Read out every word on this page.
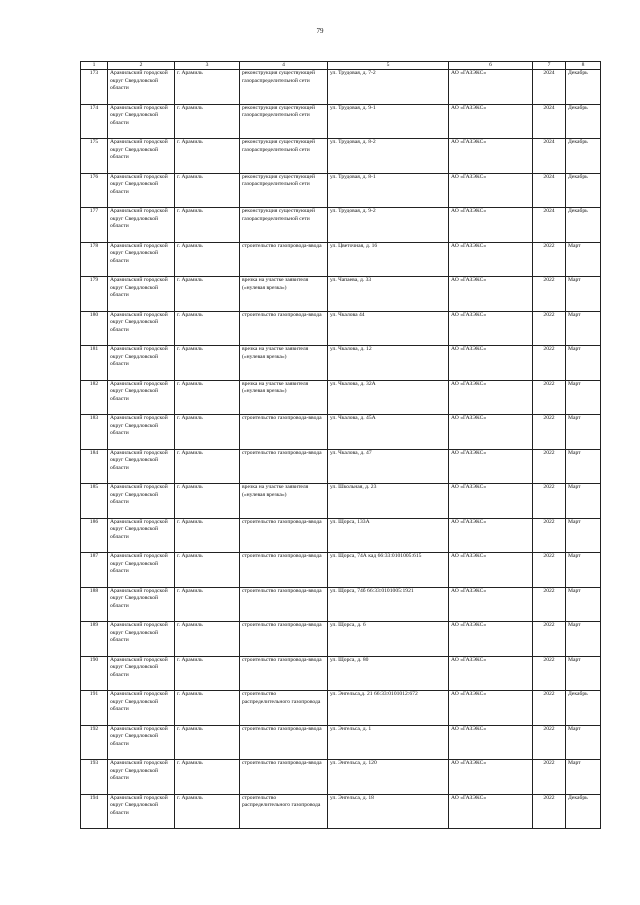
79
1	2	3	4	5	6	7	8
173	Арамильский городской округ Свердловской области	г. Арамиль	реконструкция существующей газораспределительной сети	ул. Трудовая, д. 7-2	АО «ГАЗЭКС»	2024	Декабрь
174	Арамильский городской округ Свердловской области	г. Арамиль	реконструкция существующей газораспределительной сети	ул. Трудовая, д. 9-1	АО «ГАЗЭКС»	2024	Декабрь
175	Арамильский городской округ Свердловской области	г. Арамиль	реконструкция существующей газораспределительной сети	ул. Трудовая, д. 8-2	АО «ГАЗЭКС»	2024	Декабрь
176	Арамильский городской округ Свердловской области	г. Арамиль	реконструкция существующей газораспределительной сети	ул. Трудовая, д. 8-1	АО «ГАЗЭКС»	2024	Декабрь
177	Арамильский городской округ Свердловской области	г. Арамиль	реконструкция существующей газораспределительной сети	ул. Трудовая, д. 9-2	АО «ГАЗЭКС»	2024	Декабрь
178	Арамильский городской округ Свердловской области	г. Арамиль	строительство газопровода-ввода	ул. Цветочная, д. 16	АО «ГАЗЭКС»	2022	Март
179	Арамильский городской округ Свердловской области	г. Арамиль	врезка на участке заявителя («нулевая врезка»)	ул. Чапаева, д. 33	АО «ГАЗЭКС»	2022	Март
180	Арамильский городской округ Свердловской области	г. Арамиль	строительство газопровода-ввода	ул. Чкалова 44	АО «ГАЗЭКС»	2022	Март
181	Арамильский городской округ Свердловской области	г. Арамиль	врезка на участке заявителя («нулевая врезка»)	ул. Чкалова, д. 12	АО «ГАЗЭКС»	2022	Март
182	Арамильский городской округ Свердловской области	г. Арамиль	врезка на участке заявителя («нулевая врезка»)	ул. Чкалова, д. 32А	АО «ГАЗЭКС»	2022	Март
183	Арамильский городской округ Свердловской области	г. Арамиль	строительство газопровода-ввода	ул. Чкалова, д. 45А	АО «ГАЗЭКС»	2022	Март
184	Арамильский городской округ Свердловской области	г. Арамиль	строительство газопровода-ввода	ул. Чкалова, д. 47	АО «ГАЗЭКС»	2022	Март
185	Арамильский городской округ Свердловской области	г. Арамиль	врезка на участке заявителя («нулевая врезка»)	ул. Школьная, д. 23	АО «ГАЗЭКС»	2022	Март
186	Арамильский городской округ Свердловской области	г. Арамиль	строительство газопровода-ввода	ул. Щорса, 133А	АО «ГАЗЭКС»	2022	Март
187	Арамильский городской округ Свердловской области	г. Арамиль	строительство газопровода-ввода	ул. Щорса, 74А кад 66:33:0101005:615	АО «ГАЗЭКС»	2022	Март
188	Арамильский городской округ Свердловской области	г. Арамиль	строительство газопровода-ввода	ул. Щорса, 74б 66:33:0101005:1921	АО «ГАЗЭКС»	2022	Март
189	Арамильский городской округ Свердловской области	г. Арамиль	строительство газопровода-ввода	ул. Щорса, д. 6	АО «ГАЗЭКС»	2022	Март
190	Арамильский городской округ Свердловской области	г. Арамиль	строительство газопровода-ввода	ул. Щорса, д. 80	АО «ГАЗЭКС»	2022	Март
191	Арамильский городской округ Свердловской области	г. Арамиль	строительство распределительного газопровода	ул. Энгельса,д. 21 66:33:0101012:672	АО «ГАЗЭКС»	2022	Декабрь
192	Арамильский городской округ Свердловской области	г. Арамиль	строительство газопровода-ввода	ул. Энгельса, д. 1	АО «ГАЗЭКС»	2022	Март
193	Арамильский городской округ Свердловской области	г. Арамиль	строительство газопровода-ввода	ул. Энгельса, д. 120	АО «ГАЗЭКС»	2022	Март
194	Арамильский городской округ Свердловской области	г. Арамиль	строительство распределительного газопровода	ул. Энгельса, д. 18	АО «ГАЗЭКС»	2022	Декабрь
